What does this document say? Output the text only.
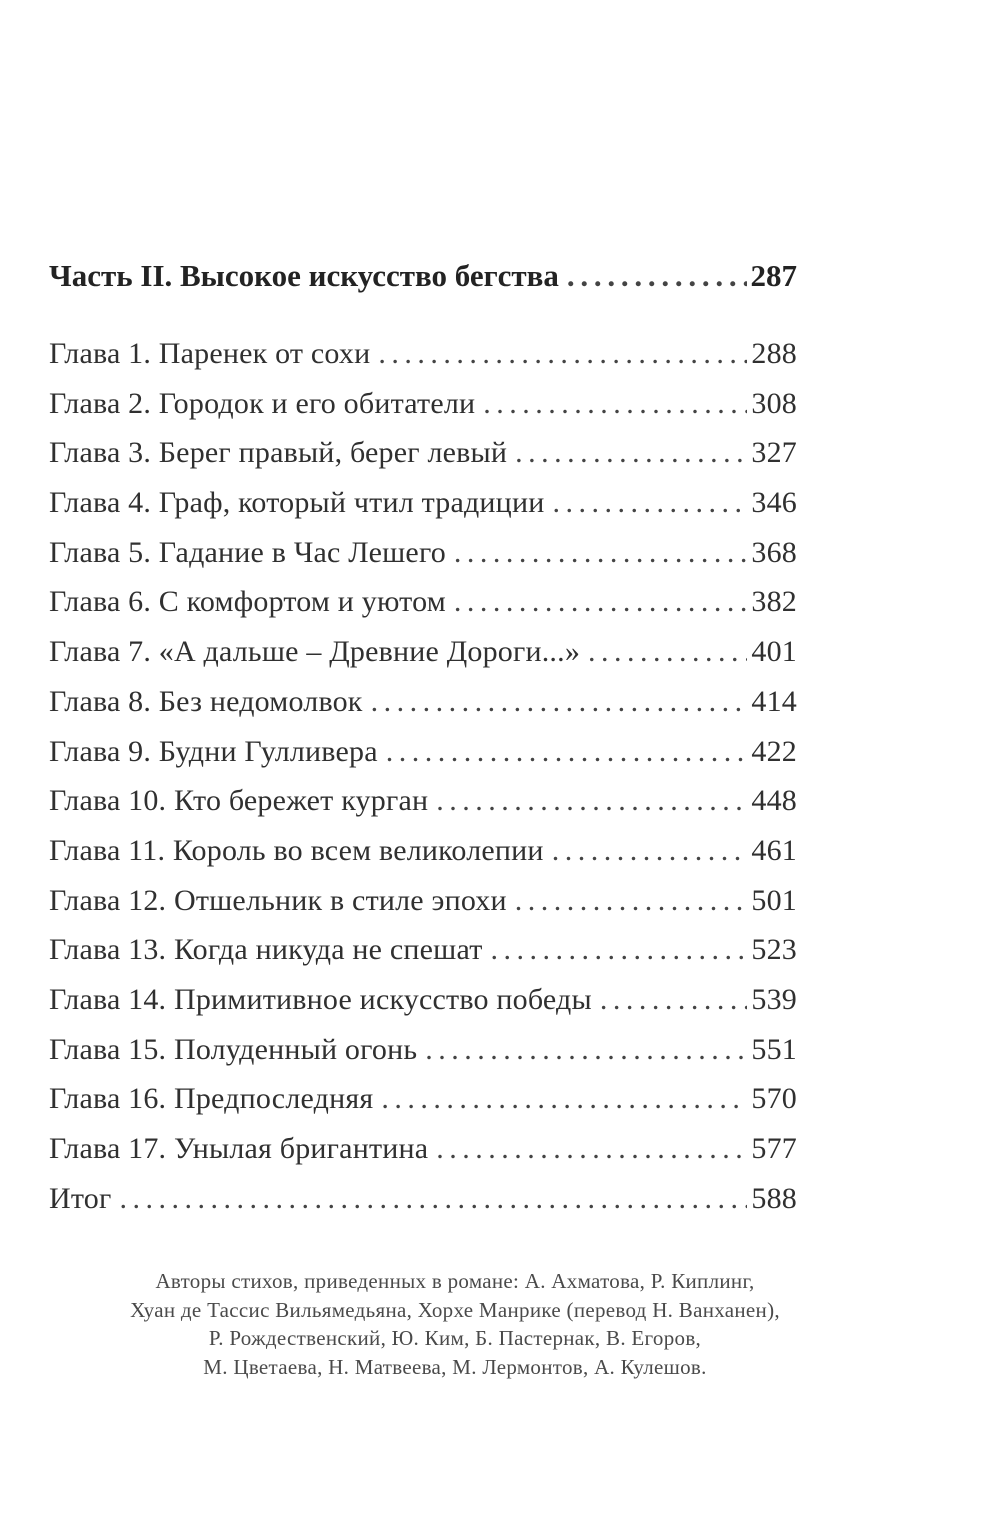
Часть II. Высокое искусство бегства . . .	287
Глава 1. Паренек от сохи . . .	288
Глава 2. Городок и его обитатели . . .	308
Глава 3. Берег правый, берег левый . . .	327
Глава 4. Граф, который чтил традиции . . .	346
Глава 5. Гадание в Час Лешего . . .	368
Глава 6. С комфортом и уютом . . .	382
Глава 7. «А дальше – Древние Дороги...» . . .	401
Глава 8. Без недомолвок . . .	414
Глава 9. Будни Гулливера . . .	422
Глава 10. Кто бережет курган . . .	448
Глава 11. Король во всем великолепии . . .	461
Глава 12. Отшельник в стиле эпохи . . .	501
Глава 13. Когда никуда не спешат . . .	523
Глава 14. Примитивное искусство победы . . .	539
Глава 15. Полуденный огонь . . .	551
Глава 16. Предпоследняя . . .	570
Глава 17. Унылая бригантина . . .	577
Итог . . .	588
Авторы стихов, приведенных в романе: А. Ахматова, Р. Киплинг,
Хуан де Тассис Вильямедьяна, Хорхе Манрике (перевод Н. Ванханен),
Р. Рождественский, Ю. Ким, Б. Пастернак, В. Егоров,
М. Цветаева, Н. Матвеева, М. Лермонтов, А. Кулешов.
